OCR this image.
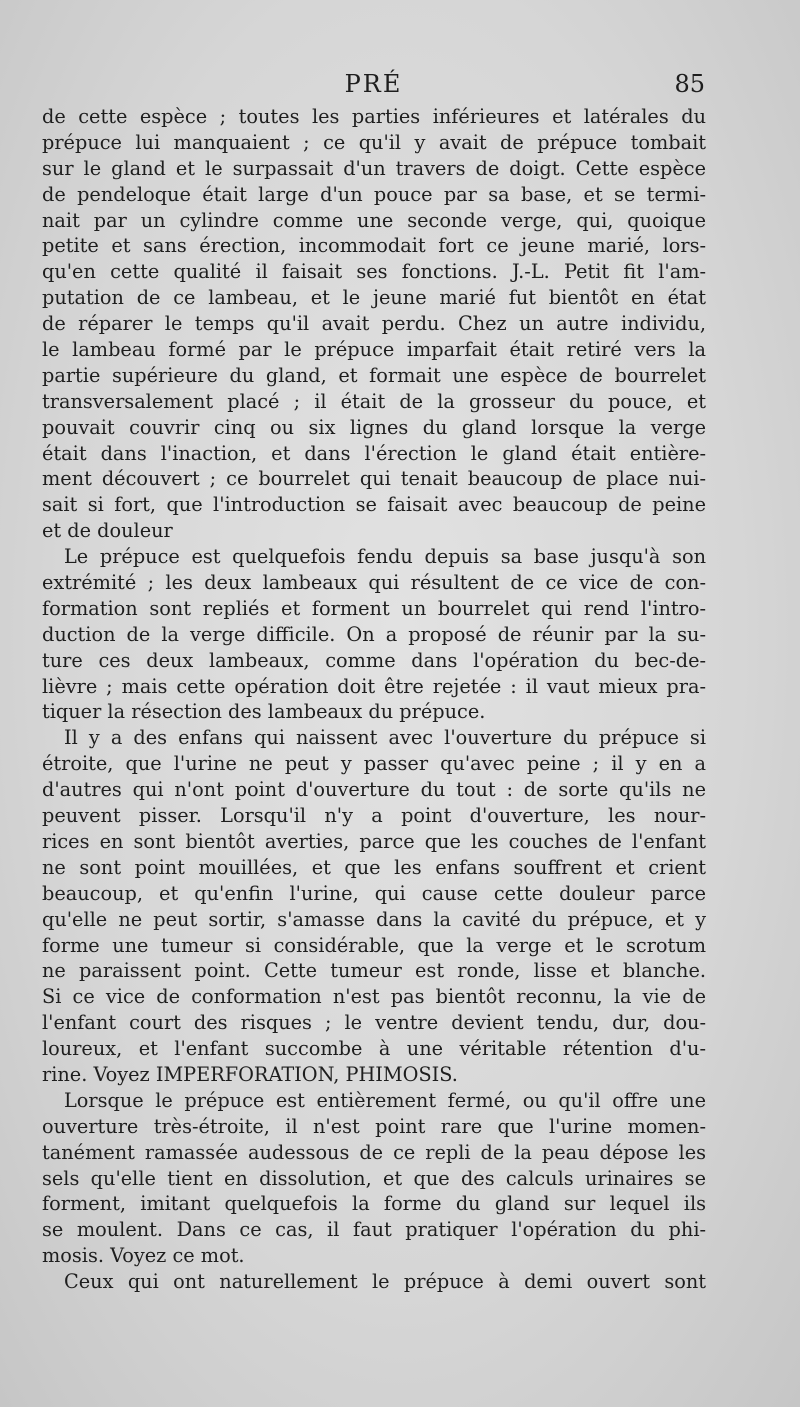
PRÉ	85
de cette espèce ; toutes les parties inférieures et latérales du
prépuce lui manquaient ; ce qu'il y avait de prépuce tombait
sur le gland et le surpassait d'un travers de doigt. Cette espèce
de pendeloque était large d'un pouce par sa base, et se termi-
nait par un cylindre comme une seconde verge, qui, quoique
petite et sans érection, incommodait fort ce jeune marié, lors-
qu'en cette qualité il faisait ses fonctions. J.-L. Petit fit l'am-
putation de ce lambeau, et le jeune marié fut bientôt en état
de réparer le temps qu'il avait perdu. Chez un autre individu,
le lambeau formé par le prépuce imparfait était retiré vers la
partie supérieure du gland, et formait une espèce de bourrelet
transversalement placé ; il était de la grosseur du pouce, et
pouvait couvrir cinq ou six lignes du gland lorsque la verge
était dans l'inaction, et dans l'érection le gland était entière-
ment découvert ; ce bourrelet qui tenait beaucoup de place nui-
sait si fort, que l'introduction se faisait avec beaucoup de peine
et de douleur
Le prépuce est quelquefois fendu depuis sa base jusqu'à son
extrémité ; les deux lambeaux qui résultent de ce vice de con-
formation sont repliés et forment un bourrelet qui rend l'intro-
duction de la verge difficile. On a proposé de réunir par la su-
ture ces deux lambeaux, comme dans l'opération du bec-de-
lièvre ; mais cette opération doit être rejetée : il vaut mieux pra-
tiquer la résection des lambeaux du prépuce.
Il y a des enfans qui naissent avec l'ouverture du prépuce si
étroite, que l'urine ne peut y passer qu'avec peine ; il y en a
d'autres qui n'ont point d'ouverture du tout : de sorte qu'ils ne
peuvent pisser. Lorsqu'il n'y a point d'ouverture, les nour-
rices en sont bientôt averties, parce que les couches de l'enfant
ne sont point mouillées, et que les enfans souffrent et crient
beaucoup, et qu'enfin l'urine, qui cause cette douleur parce
qu'elle ne peut sortir, s'amasse dans la cavité du prépuce, et y
forme une tumeur si considérable, que la verge et le scrotum
ne paraissent point. Cette tumeur est ronde, lisse et blanche.
Si ce vice de conformation n'est pas bientôt reconnu, la vie de
l'enfant court des risques ; le ventre devient tendu, dur, dou-
loureux, et l'enfant succombe à une véritable rétention d'u-
rine. Voyez IMPERFORATION, PHIMOSIS.
Lorsque le prépuce est entièrement fermé, ou qu'il offre une
ouverture très-étroite, il n'est point rare que l'urine momen-
tanément ramassée audessous de ce repli de la peau dépose les
sels qu'elle tient en dissolution, et que des calculs urinaires se
forment, imitant quelquefois la forme du gland sur lequel ils
se moulent. Dans ce cas, il faut pratiquer l'opération du phi-
mosis. Voyez ce mot.
Ceux qui ont naturellement le prépuce à demi ouvert sont
